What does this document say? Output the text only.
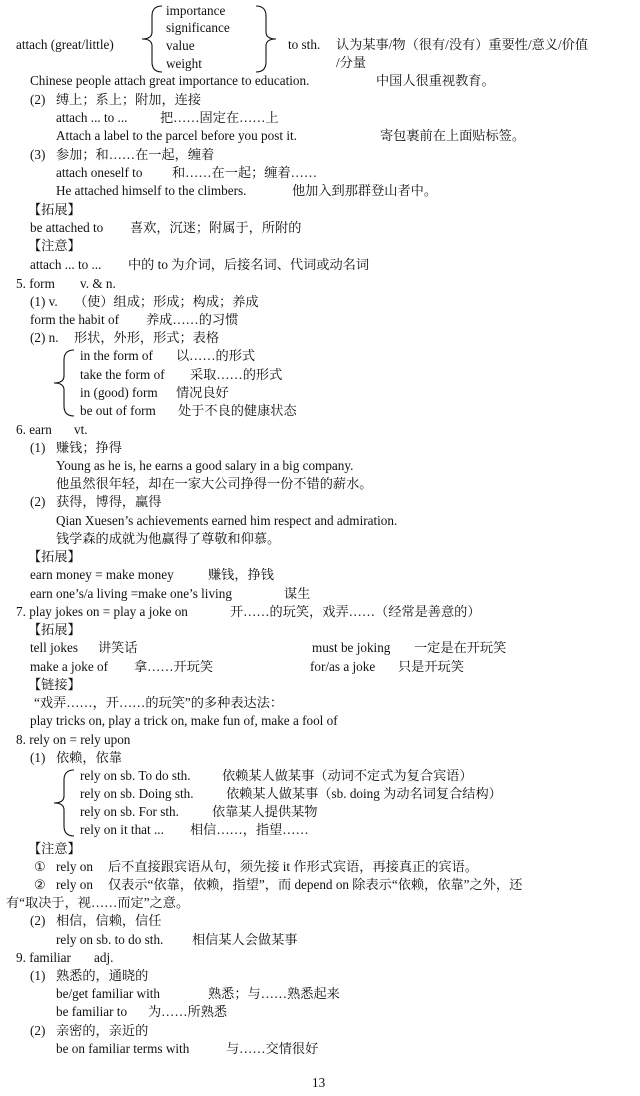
attach (great/little)
importance
significance
value
weight
to sth. 认为某事/物（很有/没有）重要性/意义/价值
/分量
Chinese people attach great importance to education.	中国人很重视教育。
(2) 缚上；系上；附加，连接
attach ... to ... 把……固定在……上
Attach a label to the parcel before you post it.	寄包裹前在上面贴标签。
(3) 参加；和……在一起，缠着
attach oneself to 和……在一起；缠着……
He attached himself to the climbers.	他加入到那群登山者中。
【拓展】
be attached to 喜欢，沉迷；附属于，所附的
【注意】
attach ... to ... 中的 to 为介词，后接名词、代词或动名词
5. form v. & n.
(1) v. （使）组成；形成；构成；养成
form the habit of 养成……的习惯
(2) n. 形状，外形，形式；表格
in the form of 以……的形式
take the form of 采取……的形式
in (good) form 情况良好
be out of form 处于不良的健康状态
6. earn vt.
(1) 赚钱；挣得
Young as he is, he earns a good salary in a big company.
他虽然很年轻，却在一家大公司挣得一份不错的薪水。
(2) 获得，博得，赢得
Qian Xuesen’s achievements earned him respect and admiration.
钱学森的成就为他赢得了尊敬和仰慕。
【拓展】
earn money = make money	赚钱，挣钱
earn one’s/a living =make one’s living	谋生
7. play jokes on = play a joke on	开……的玩笑，戏弄……（经常是善意的）
【拓展】
tell jokes 讲笑话	must be joking 一定是在开玩笑
make a joke of 拿……开玩笑	for/as a joke 只是开玩笑
【链接】
“戏弄……，开……的玩笑”的多种表达法：
play tricks on, play a trick on, make fun of, make a fool of
8. rely on = rely upon
(1) 依赖，依靠
rely on sb. To do sth. 依赖某人做某事（动词不定式为复合宾语）
rely on sb. Doing sth. 依赖某人做某事（sb. doing 为动名词复合结构）
rely on sb. For sth.	依靠某人提供某物
rely on it that ... 相信……，指望……
【注意】
① rely on 后不直接跟宾语从句，须先接 it 作形式宾语，再接真正的宾语。
② rely on 仅表示“依靠，依赖，指望”，而 depend on 除表示“依赖，依靠”之外，还
有“取决于，视……而定”之意。
(2) 相信，信赖，信任
rely on sb. to do sth. 相信某人会做某事
9. familiar adj.
(1) 熟悉的，通晓的
be/get familiar with	熟悉；与……熟悉起来
be familiar to 为……所熟悉
(2) 亲密的，亲近的
be on familiar terms with	与……交情很好
13
